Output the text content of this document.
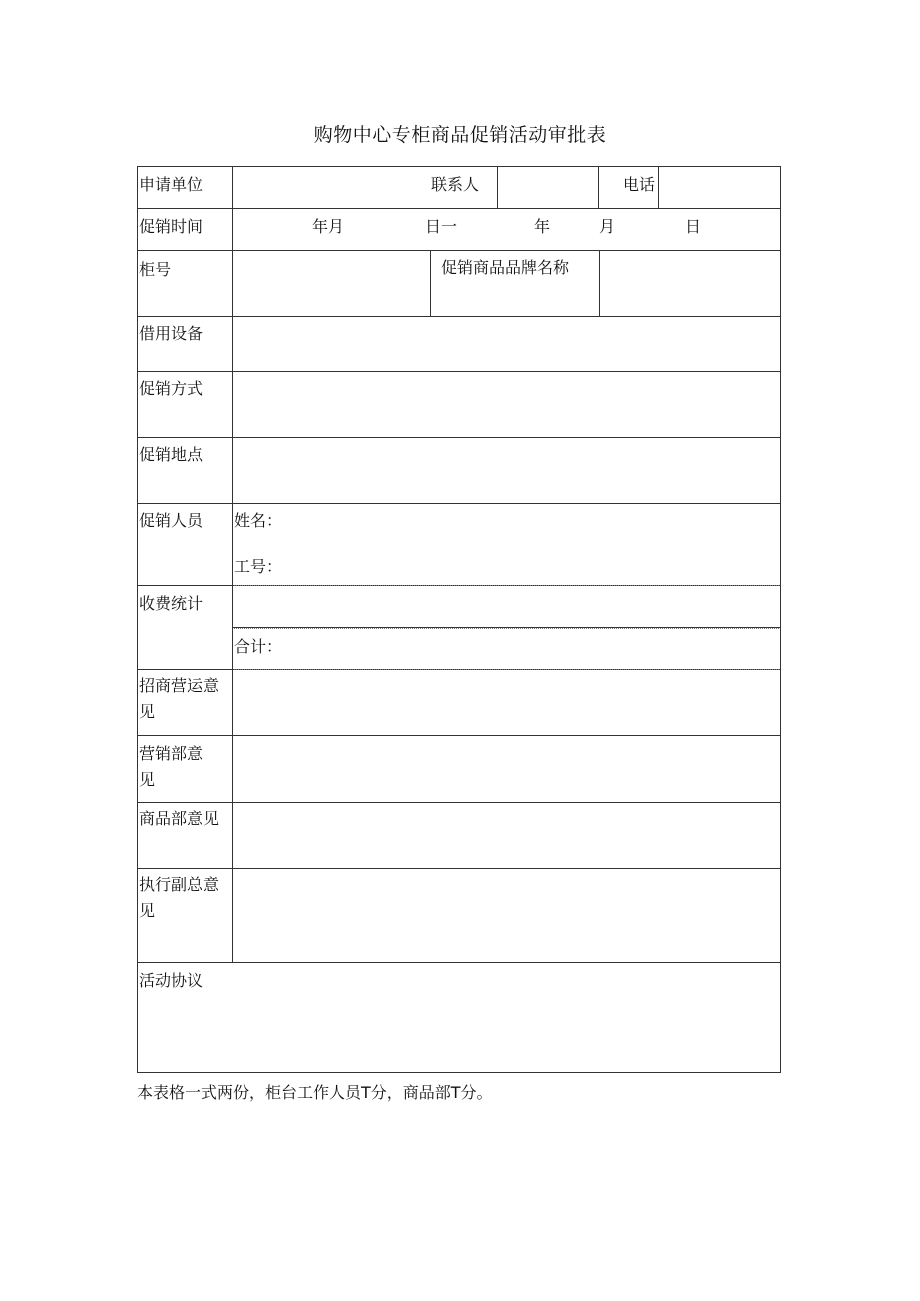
购物中心专柜商品促销活动审批表
申请单位	联系人	电话
促销时间	年月	日一	年	月	日
柜号	促销商品品牌名称
借用设备
促销方式
促销地点
促销人员 姓名：
工号：
收费统计
合计：
招商营运意见
营销部意见
商品部意见
执行副总意见
活动协议
本表格一式两份，柜台工作人员T分，商品部T分。
